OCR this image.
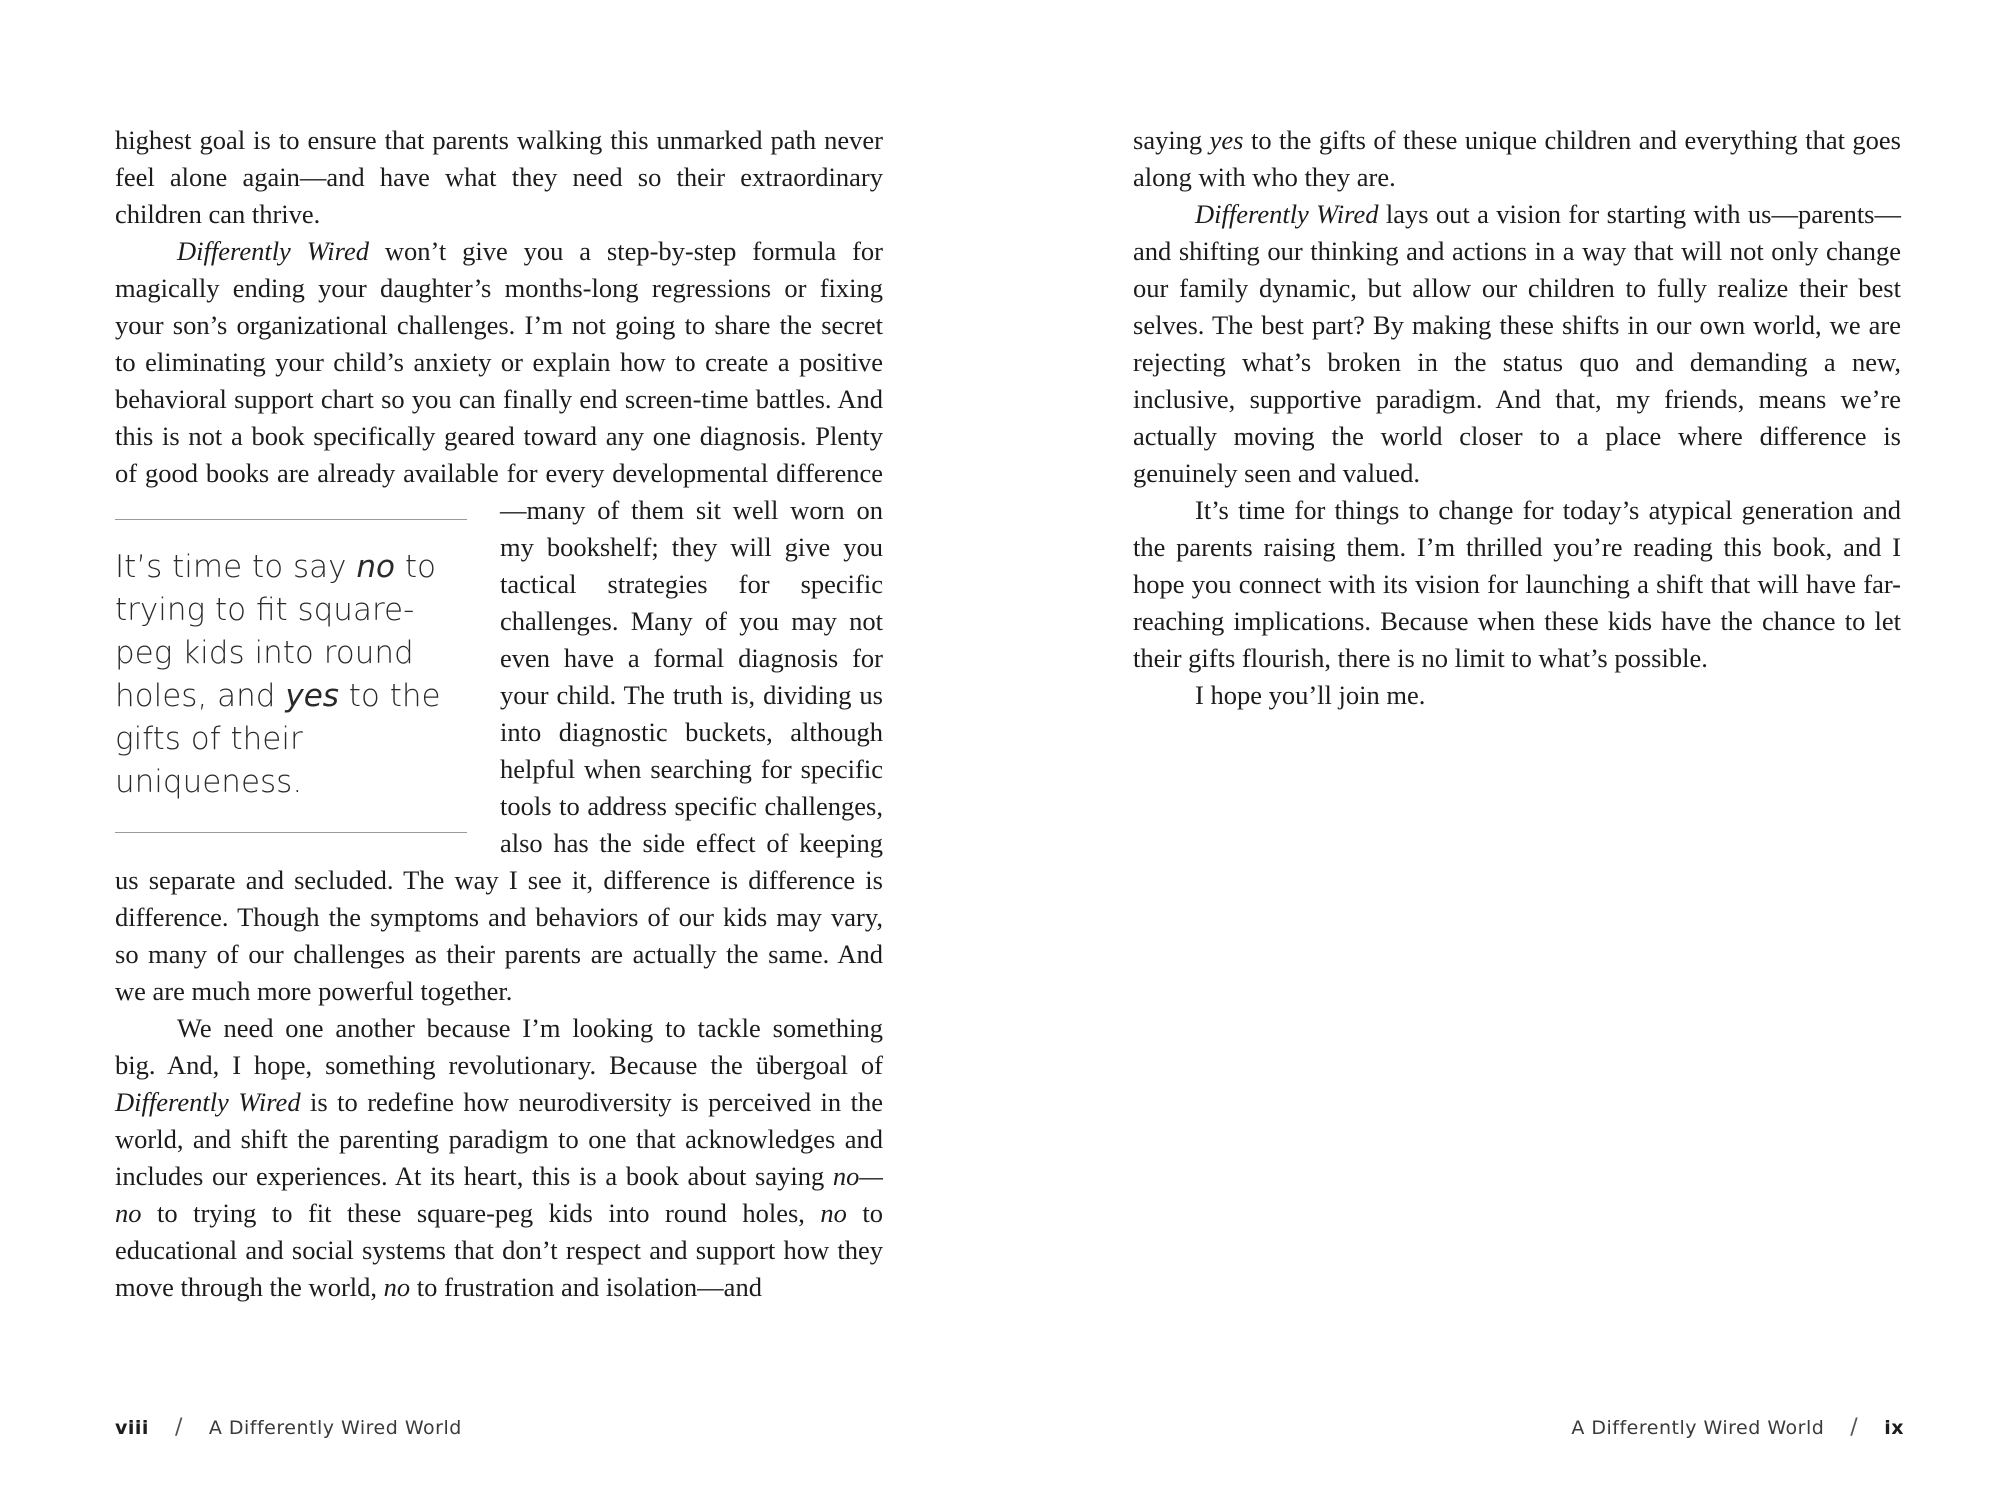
highest goal is to ensure that parents walking this unmarked path never feel alone again—and have what they need so their extraordinary children can thrive.

Differently Wired won’t give you a step-by-step formula for magically ending your daughter’s months-long regressions or fixing your son’s organizational challenges. I’m not going to share the secret to eliminating your child’s anxiety or explain how to create a positive behavioral support chart so you can finally end screen-time battles. And this is not a book specifically geared toward any one diagnosis. Plenty of good books are already available for every developmental
It’s time to say no to trying to fit square-peg kids into round holes, and yes to the gifts of their uniqueness.
difference—many of them sit well worn on my bookshelf; they will give you tactical strategies for specific challenges. Many of you may not even have a formal diagnosis for your child. The truth is, dividing us into diagnostic buckets, although helpful when searching for specific tools to address specific challenges, also has the side effect of keeping us separate and secluded. The way I see it, difference is difference is difference. Though the symptoms and behaviors of our kids may vary, so many of our challenges as their parents are actually the same. And we are much more powerful together.

We need one another because I’m looking to tackle something big. And, I hope, something revolutionary. Because the übergoal of Differently Wired is to redefine how neurodiversity is perceived in the world, and shift the parenting paradigm to one that acknowledges and includes our experiences. At its heart, this is a book about saying no—no to trying to fit these square-peg kids into round holes, no to educational and social systems that don’t respect and support how they move through the world, no to frustration and isolation—and

viii / A Differently Wired World

saying yes to the gifts of these unique children and everything that goes along with who they are.

Differently Wired lays out a vision for starting with us—parents—and shifting our thinking and actions in a way that will not only change our family dynamic, but allow our children to fully realize their best selves. The best part? By making these shifts in our own world, we are rejecting what’s broken in the status quo and demanding a new, inclusive, supportive paradigm. And that, my friends, means we’re actually moving the world closer to a place where difference is genuinely seen and valued.

It’s time for things to change for today’s atypical generation and the parents raising them. I’m thrilled you’re reading this book, and I hope you connect with its vision for launching a shift that will have far-reaching implications. Because when these kids have the chance to let their gifts flourish, there is no limit to what’s possible.

I hope you’ll join me.

A Differently Wired World / ix
